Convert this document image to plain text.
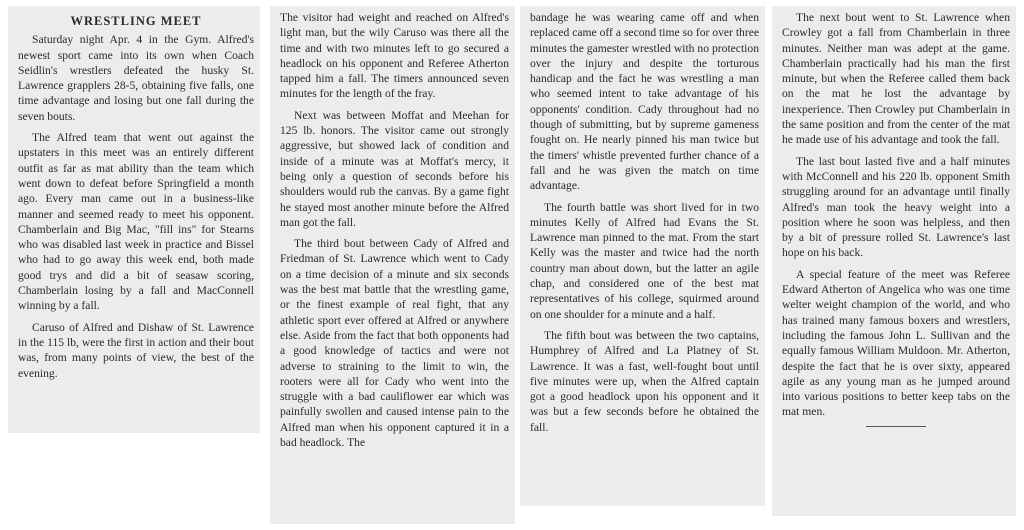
WRESTLING MEET

Saturday night Apr. 4 in the Gym. Alfred's newest sport came into its own when Coach Seidlin's wrestlers defeated the husky St. Lawrence grapplers 28-5, obtaining five falls, one time advantage and losing but one fall during the seven bouts.

The Alfred team that went out against the upstaters in this meet was an entirely different outfit as far as mat ability than the team which went down to defeat before Springfield a month ago. Every man came out in a business-like manner and seemed ready to meet his opponent. Chamberlain and Big Mac, "fill ins" for Stearns who was disabled last week in practice and Bissel who had to go away this week end, both made good trys and did a bit of seasaw scoring, Chamberlain losing by a fall and MacConnell winning by a fall.

Caruso of Alfred and Dishaw of St. Lawrence in the 115 lb, were the first in action and their bout was, from many points of view, the best of the evening.

The visitor had weight and reached on Alfred's light man, but the wily Caruso was there all the time and with two minutes left to go secured a headlock on his opponent and Referee Atherton tapped him a fall. The timers announced seven minutes for the length of the fray.

Next was between Moffat and Meehan for 125 lb. honors. The visitor came out strongly aggressive, but showed lack of condition and inside of a minute was at Moffat's mercy, it being only a question of seconds before his shoulders would rub the canvas. By a game fight he stayed most another minute before the Alfred man got the fall.

The third bout between Cady of Alfred and Friedman of St. Lawrence which went to Cady on a time decision of a minute and six seconds was the best mat battle that the wrestling game, or the finest example of real fight, that any athletic sport ever offered at Alfred or anywhere else. Aside from the fact that both opponents had a good knowledge of tactics and were not adverse to straining to the limit to win, the rooters were all for Cady who went into the struggle with a bad cauliflower ear which was painfully swollen and caused intense pain to the Alfred man when his opponent captured it in a bad headlock. The

bandage he was wearing came off and when replaced came off a second time so for over three minutes the gamester wrestled with no protection over the injury and despite the torturous handicap and the fact he was wrestling a man who seemed intent to take advantage of his opponents' condition. Cady throughout had no though of submitting, but by supreme gameness fought on. He nearly pinned his man twice but the timers' whistle prevented further chance of a fall and he was given the match on time advantage.

The fourth battle was short lived for in two minutes Kelly of Alfred had Evans the St. Lawrence man pinned to the mat. From the start Kelly was the master and twice had the north country man about down, but the latter an agile chap, and considered one of the best mat representatives of his college, squirmed around on one shoulder for a minute and a half.

The fifth bout was between the two captains, Humphrey of Alfred and La Platney of St. Lawrence. It was a fast, well-fought bout until five minutes were up, when the Alfred captain got a good headlock upon his opponent and it was but a few seconds before he obtained the fall.

The next bout went to St. Lawrence when Crowley got a fall from Chamberlain in three minutes. Neither man was adept at the game. Chamberlain practically had his man the first minute, but when the Referee called them back on the mat he lost the advantage by inexperience. Then Crowley put Chamberlain in the same position and from the center of the mat he made use of his advantage and took the fall.

The last bout lasted five and a half minutes with McConnell and his 220 lb. opponent Smith struggling around for an advantage until finally Alfred's man took the heavy weight into a position where he soon was helpless, and then by a bit of pressure rolled St. Lawrence's last hope on his back.

A special feature of the meet was Referee Edward Atherton of Angelica who was one time welter weight champion of the world, and who has trained many famous boxers and wrestlers, including the famous John L. Sullivan and the equally famous William Muldoon. Mr. Atherton, despite the fact that he is over sixty, appeared agile as any young man as he jumped around into various positions to better keep tabs on the mat men.
